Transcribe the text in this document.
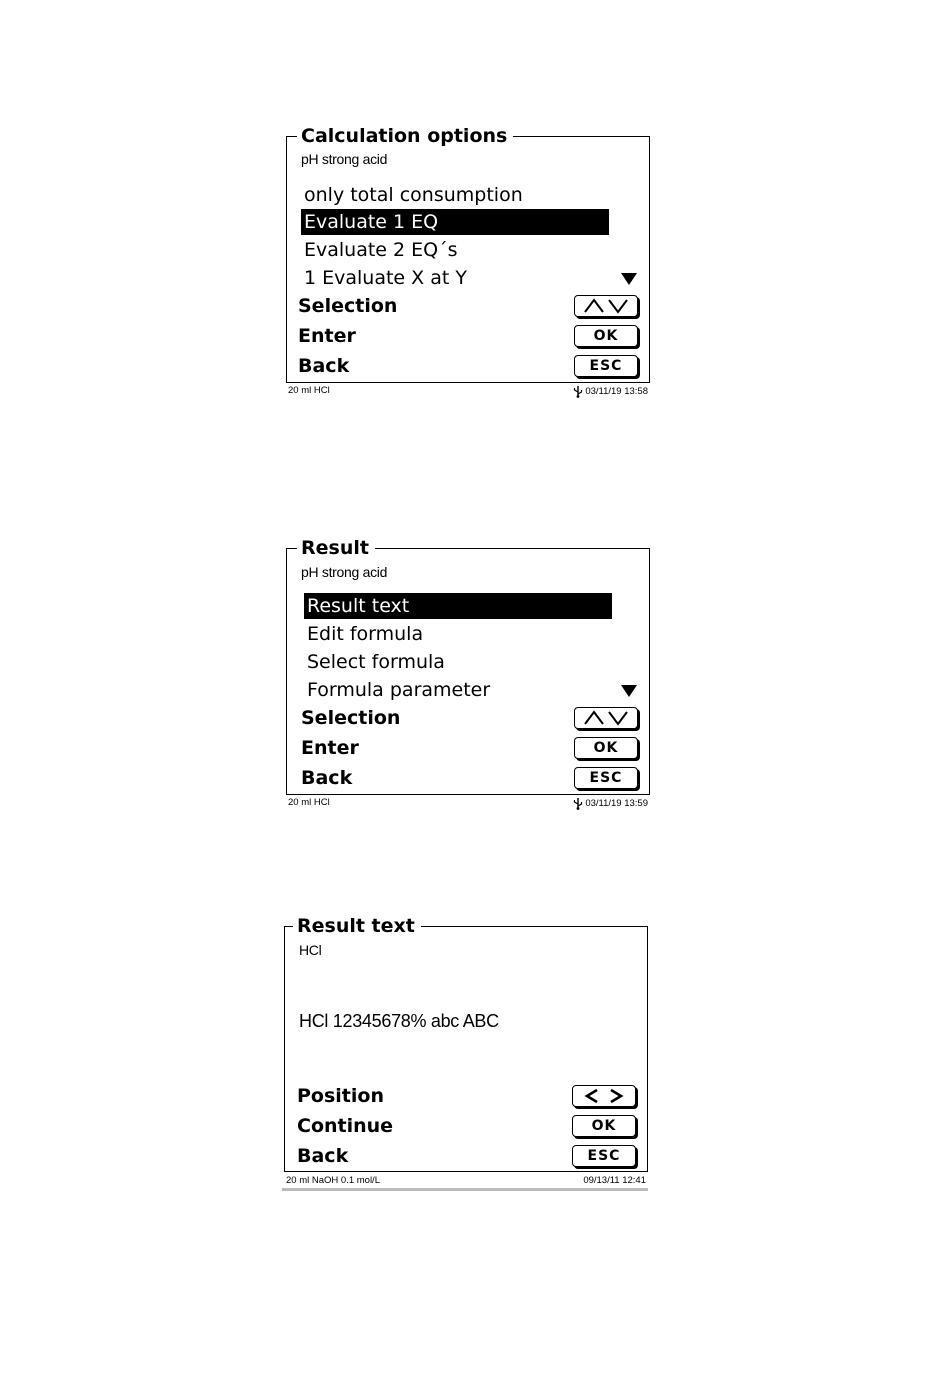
Calculation options
pH strong acid
only total consumption
Evaluate 1 EQ
Evaluate 2 EQ´s
1 Evaluate X at Y
Selection
Enter	OK
Back	ESC
20 ml HCl	03/11/19 13:58
Result
pH strong acid
Result text
Edit formula
Select formula
Formula parameter
Selection
Enter	OK
Back	ESC
20 ml HCl	03/11/19 13:59
Result text
HCl
HCl 12345678% abc ABC
Position
Continue	OK
Back	ESC
20 ml NaOH 0.1 mol/L	09/13/11 12:41
